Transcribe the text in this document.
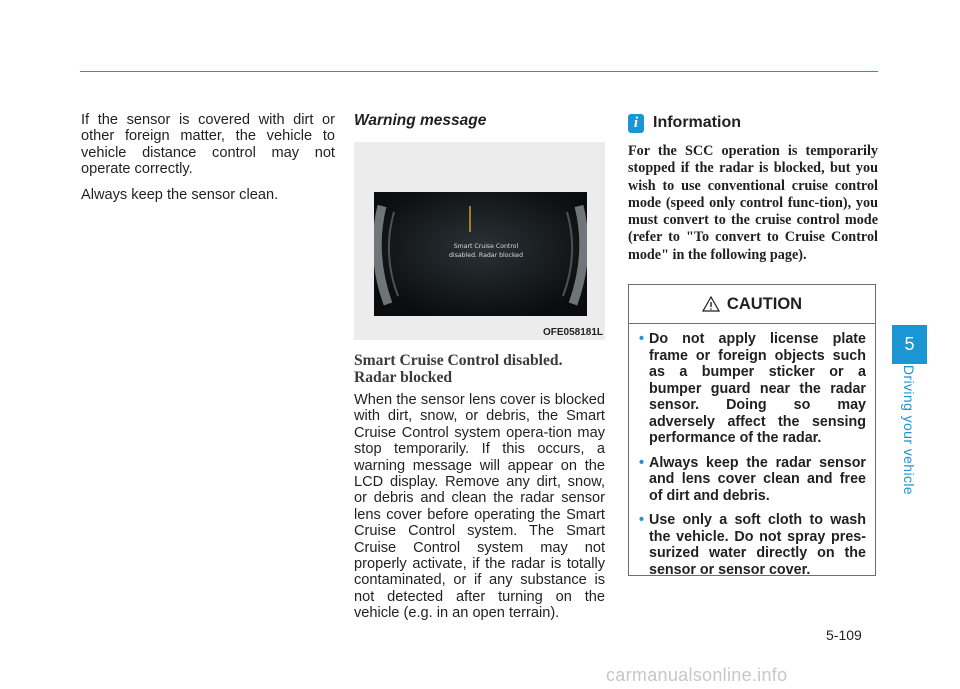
If the sensor is covered with dirt or other foreign matter, the vehicle to vehicle distance control may not operate correctly.

Always keep the sensor clean.

Warning message
Smart Cruise Control
disabled. Radar blocked
OFE058181L
Smart Cruise Control disabled.
Radar blocked

When the sensor lens cover is blocked with dirt, snow, or debris, the Smart Cruise Control system opera-tion may stop temporarily. If this occurs, a warning message will appear on the LCD display. Remove any dirt, snow, or debris and clean the radar sensor lens cover before operating the Smart Cruise Control system. The Smart Cruise Control system may not properly activate, if the radar is totally contaminated, or if any substance is not detected after turning on the vehicle (e.g. in an open terrain).

i Information

For the SCC operation is temporarily stopped if the radar is blocked, but you wish to use conventional cruise control mode (speed only control func-tion), you must convert to the cruise control mode (refer to "To convert to Cruise Control mode" in the following page).

CAUTION
• Do not apply license plate frame or foreign objects such as a bumper sticker or a bumper guard near the radar sensor. Doing so may adversely affect the sensing performance of the radar.
• Always keep the radar sensor and lens cover clean and free of dirt and debris.
• Use only a soft cloth to wash the vehicle. Do not spray pres-surized water directly on the sensor or sensor cover.
5
Driving your vehicle
5-109
carmanualsonline.info
